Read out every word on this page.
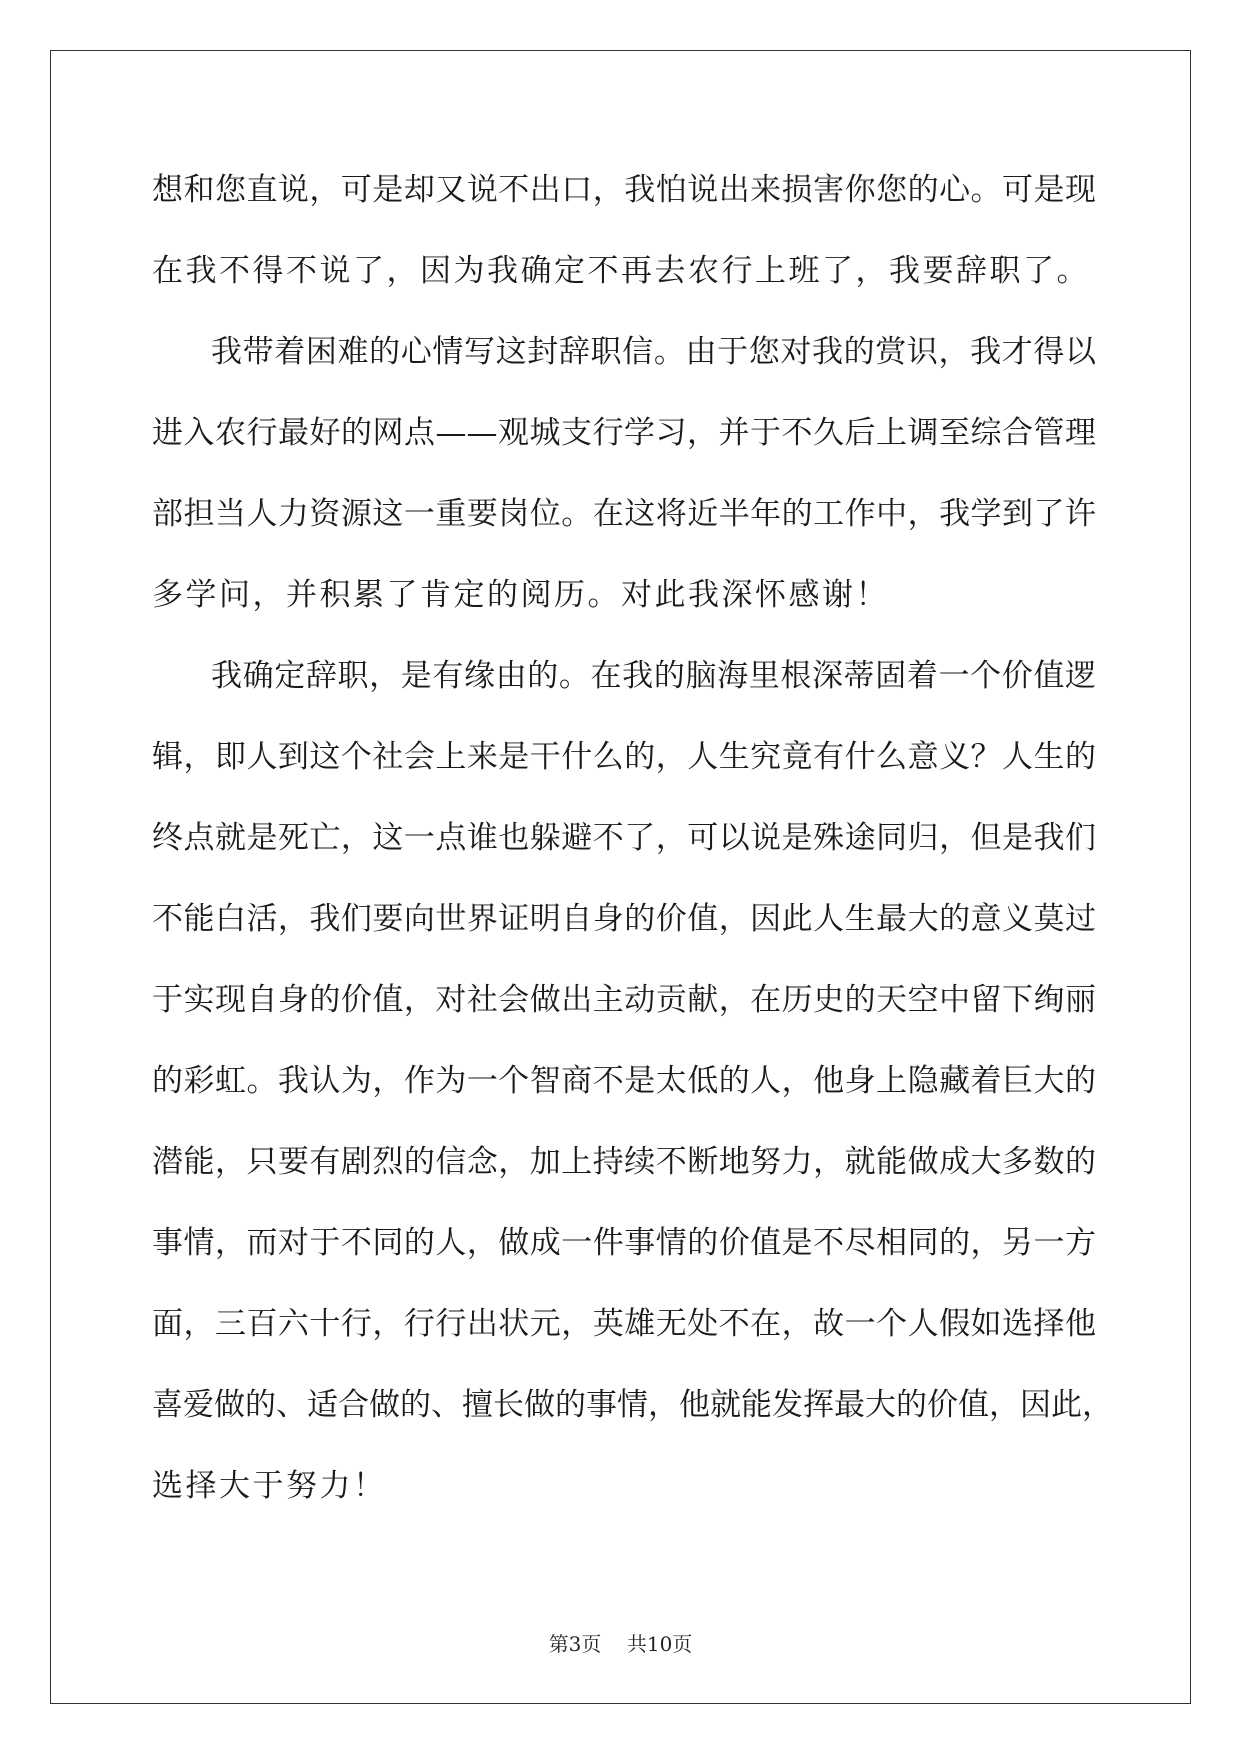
想和您直说，可是却又说不出口，我怕说出来损害你您的心。可是现
在我不得不说了，因为我确定不再去农行上班了，我要辞职了。
我带着困难的心情写这封辞职信。由于您对我的赏识，我才得以
进入农行最好的网点——观城支行学习，并于不久后上调至综合管理
部担当人力资源这一重要岗位。在这将近半年的工作中，我学到了许
多学问，并积累了肯定的阅历。对此我深怀感谢！
我确定辞职，是有缘由的。在我的脑海里根深蒂固着一个价值逻
辑，即人到这个社会上来是干什么的，人生究竟有什么意义？人生的
终点就是死亡，这一点谁也躲避不了，可以说是殊途同归，但是我们
不能白活，我们要向世界证明自身的价值，因此人生最大的意义莫过
于实现自身的价值，对社会做出主动贡献，在历史的天空中留下绚丽
的彩虹。我认为，作为一个智商不是太低的人，他身上隐藏着巨大的
潜能，只要有剧烈的信念，加上持续不断地努力，就能做成大多数的
事情，而对于不同的人，做成一件事情的价值是不尽相同的，另一方
面，三百六十行，行行出状元，英雄无处不在，故一个人假如选择他
喜爱做的、适合做的、擅长做的事情，他就能发挥最大的价值，因此，
选择大于努力！
第3页 共10页
